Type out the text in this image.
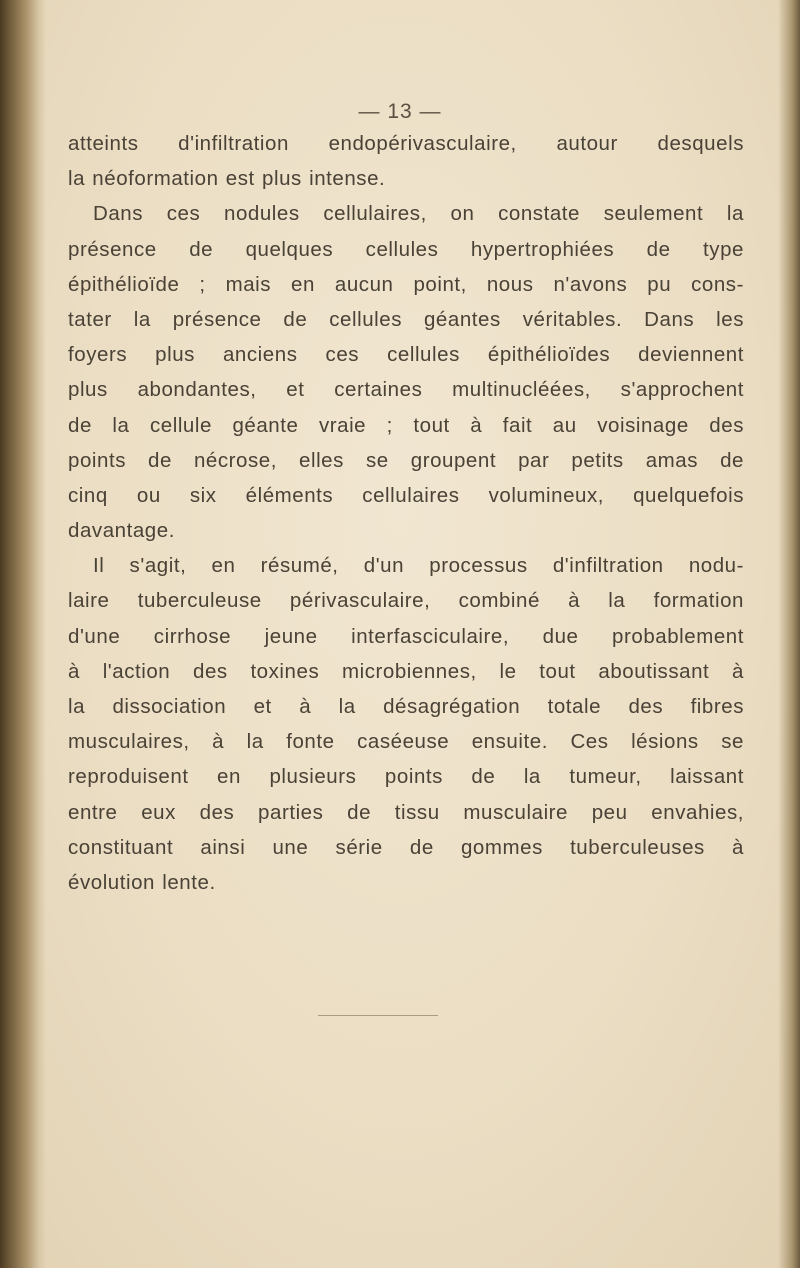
— 13 —
atteints d'infiltration endopérivasculaire, autour desquels
la néoformation est plus intense.
Dans ces nodules cellulaires, on constate seulement la
présence de quelques cellules hypertrophiées de type
épithélioïde ; mais en aucun point, nous n'avons pu cons-
tater la présence de cellules géantes véritables. Dans les
foyers plus anciens ces cellules épithélioïdes deviennent
plus abondantes, et certaines multinucléées, s'approchent
de la cellule géante vraie ; tout à fait au voisinage des
points de nécrose, elles se groupent par petits amas de
cinq ou six éléments cellulaires volumineux, quelquefois
davantage.
Il s'agit, en résumé, d'un processus d'infiltration nodu-
laire tuberculeuse périvasculaire, combiné à la formation
d'une cirrhose jeune interfasciculaire, due probablement
à l'action des toxines microbiennes, le tout aboutissant à
la dissociation et à la désagrégation totale des fibres
musculaires, à la fonte caséeuse ensuite. Ces lésions se
reproduisent en plusieurs points de la tumeur, laissant
entre eux des parties de tissu musculaire peu envahies,
constituant ainsi une série de gommes tuberculeuses à
évolution lente.
